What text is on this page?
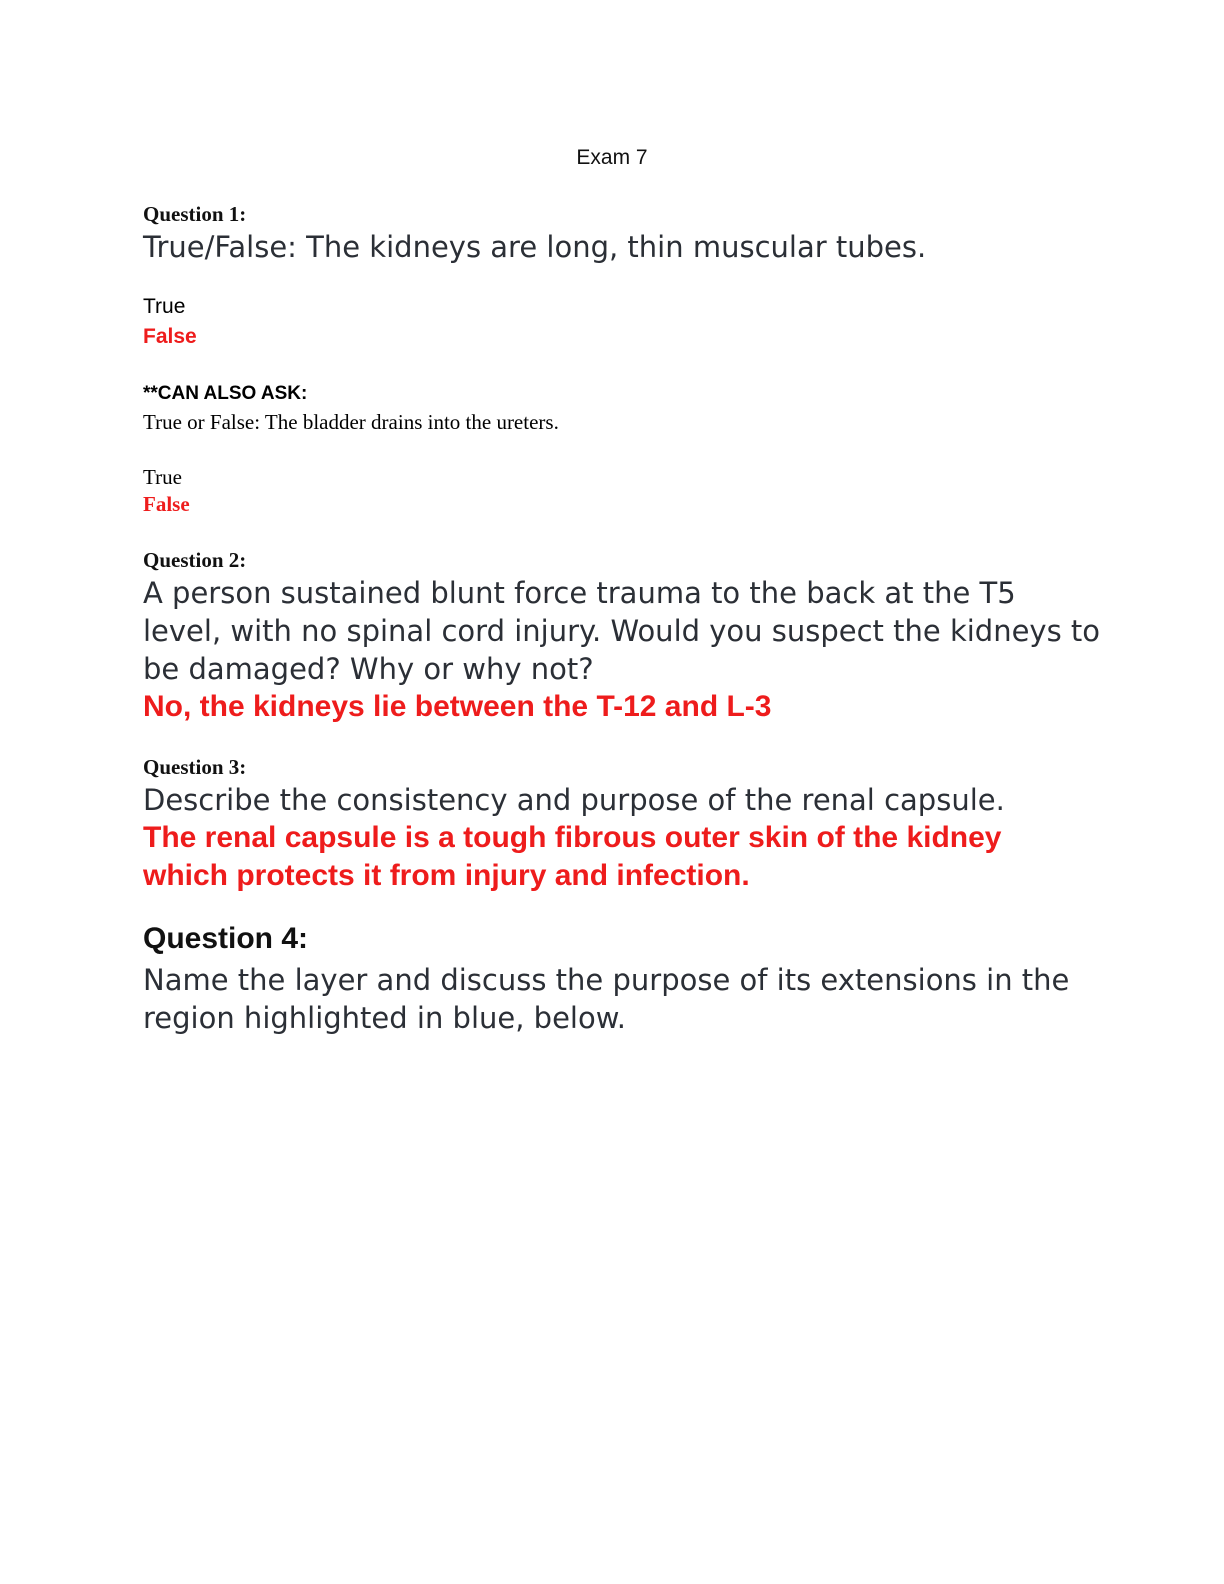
Exam 7

Question 1:

True/False: The kidneys are long, thin muscular tubes.

True

False

**CAN ALSO ASK:

True or False: The bladder drains into the ureters.

True

False

Question 2:

A person sustained blunt force trauma to the back at the T5 level, with no spinal cord injury. Would you suspect the kidneys to be damaged? Why or why not?

No, the kidneys lie between the T-12 and L-3

Question 3:

Describe the consistency and purpose of the renal capsule.

The renal capsule is a tough fibrous outer skin of the kidney which protects it from injury and infection.

Question 4:

Name the layer and discuss the purpose of its extensions in the region highlighted in blue, below.
